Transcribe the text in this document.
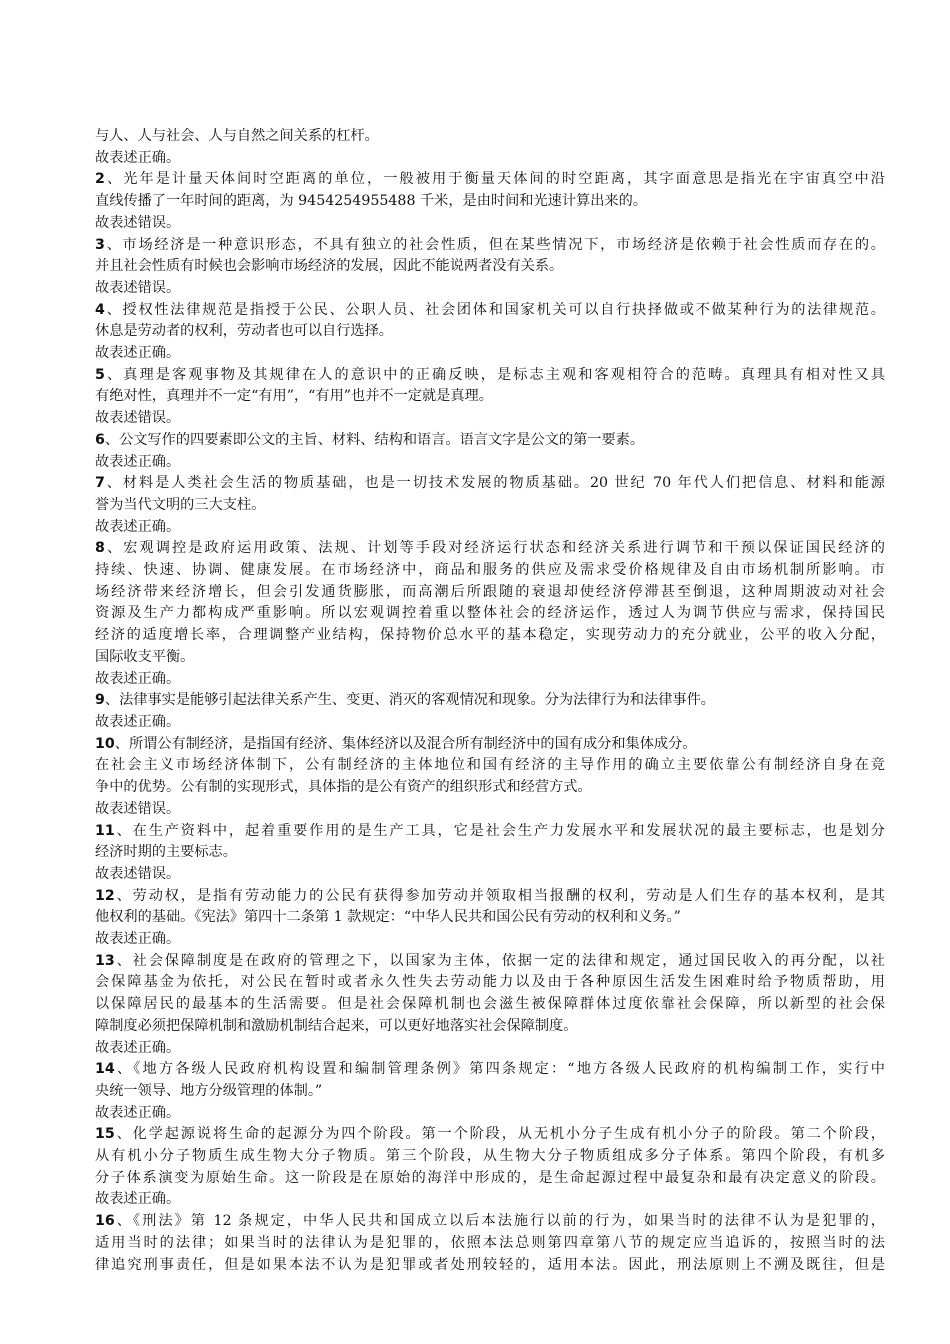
与人、人与社会、人与自然之间关系的杠杆。
故表述正确。
2、光年是计量天体间时空距离的单位，一般被用于衡量天体间的时空距离，其字面意思是指光在宇宙真空中沿
直线传播了一年时间的距离，为 9454254955488 千米，是由时间和光速计算出来的。
故表述错误。
3、市场经济是一种意识形态，不具有独立的社会性质，但在某些情况下，市场经济是依赖于社会性质而存在的。
并且社会性质有时候也会影响市场经济的发展，因此不能说两者没有关系。
故表述错误。
4、授权性法律规范是指授于公民、公职人员、社会团体和国家机关可以自行抉择做或不做某种行为的法律规范。
休息是劳动者的权利，劳动者也可以自行选择。
故表述正确。
5、真理是客观事物及其规律在人的意识中的正确反映，是标志主观和客观相符合的范畴。真理具有相对性又具
有绝对性，真理并不一定“有用”，“有用”也并不一定就是真理。
故表述错误。
6、公文写作的四要素即公文的主旨、材料、结构和语言。语言文字是公文的第一要素。
故表述正确。
7、材料是人类社会生活的物质基础，也是一切技术发展的物质基础。20 世纪 70 年代人们把信息、材料和能源
誉为当代文明的三大支柱。
故表述正确。
8、宏观调控是政府运用政策、法规、计划等手段对经济运行状态和经济关系进行调节和干预以保证国民经济的
持续、快速、协调、健康发展。在市场经济中，商品和服务的供应及需求受价格规律及自由市场机制所影响。市
场经济带来经济增长，但会引发通货膨胀，而高潮后所跟随的衰退却使经济停滞甚至倒退，这种周期波动对社会
资源及生产力都构成严重影响。所以宏观调控着重以整体社会的经济运作，透过人为调节供应与需求，保持国民
经济的适度增长率，合理调整产业结构，保持物价总水平的基本稳定，实现劳动力的充分就业，公平的收入分配，
国际收支平衡。
故表述正确。
9、法律事实是能够引起法律关系产生、变更、消灭的客观情况和现象。分为法律行为和法律事件。
故表述正确。
10、所谓公有制经济，是指国有经济、集体经济以及混合所有制经济中的国有成分和集体成分。
在社会主义市场经济体制下，公有制经济的主体地位和国有经济的主导作用的确立主要依靠公有制经济自身在竞
争中的优势。公有制的实现形式，具体指的是公有资产的组织形式和经营方式。
故表述错误。
11、在生产资料中，起着重要作用的是生产工具，它是社会生产力发展水平和发展状况的最主要标志，也是划分
经济时期的主要标志。
故表述错误。
12、劳动权，是指有劳动能力的公民有获得参加劳动并领取相当报酬的权利，劳动是人们生存的基本权利，是其
他权利的基础。《宪法》第四十二条第 1 款规定：“中华人民共和国公民有劳动的权利和义务。”
故表述正确。
13、社会保障制度是在政府的管理之下，以国家为主体，依据一定的法律和规定，通过国民收入的再分配，以社
会保障基金为依托，对公民在暂时或者永久性失去劳动能力以及由于各种原因生活发生困难时给予物质帮助，用
以保障居民的最基本的生活需要。但是社会保障机制也会滋生被保障群体过度依靠社会保障，所以新型的社会保
障制度必须把保障机制和激励机制结合起来，可以更好地落实社会保障制度。
故表述正确。
14、《地方各级人民政府机构设置和编制管理条例》第四条规定：“地方各级人民政府的机构编制工作，实行中
央统一领导、地方分级管理的体制。”
故表述正确。
15、化学起源说将生命的起源分为四个阶段。第一个阶段，从无机小分子生成有机小分子的阶段。第二个阶段，
从有机小分子物质生成生物大分子物质。第三个阶段，从生物大分子物质组成多分子体系。第四个阶段，有机多
分子体系演变为原始生命。这一阶段是在原始的海洋中形成的，是生命起源过程中最复杂和最有决定意义的阶段。
故表述正确。
16、《刑法》第 12 条规定，中华人民共和国成立以后本法施行以前的行为，如果当时的法律不认为是犯罪的，
适用当时的法律；如果当时的法律认为是犯罪的，依照本法总则第四章第八节的规定应当追诉的，按照当时的法
律追究刑事责任，但是如果本法不认为是犯罪或者处刑较轻的，适用本法。因此，刑法原则上不溯及既往，但是
